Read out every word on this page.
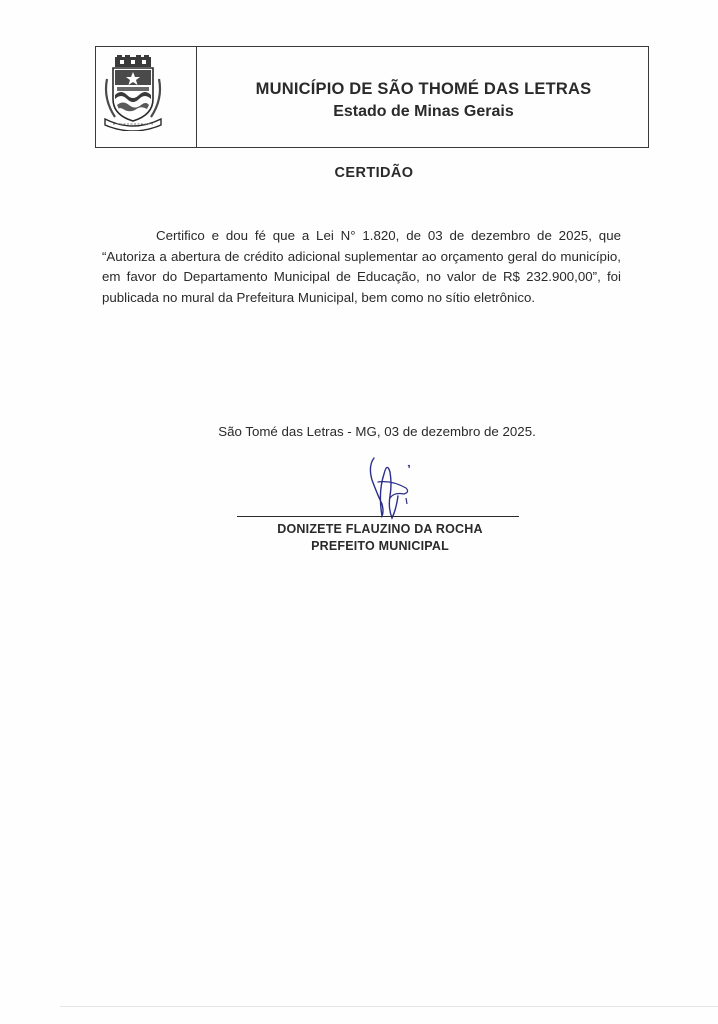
MUNICÍPIO DE SÃO THOMÉ DAS LETRAS
Estado de Minas Gerais
CERTIDÃO

Certifico e dou fé que a Lei N° 1.820, de 03 de dezembro de 2025, que “Autoriza a abertura de crédito adicional suplementar ao orçamento geral do município, em favor do Departamento Municipal de Educação, no valor de R$ 232.900,00”, foi publicada no mural da Prefeitura Municipal, bem como no sítio eletrônico.

São Tomé das Letras - MG, 03 de dezembro de 2025.
DONIZETE FLAUZINO DA ROCHA
PREFEITO MUNICIPAL
